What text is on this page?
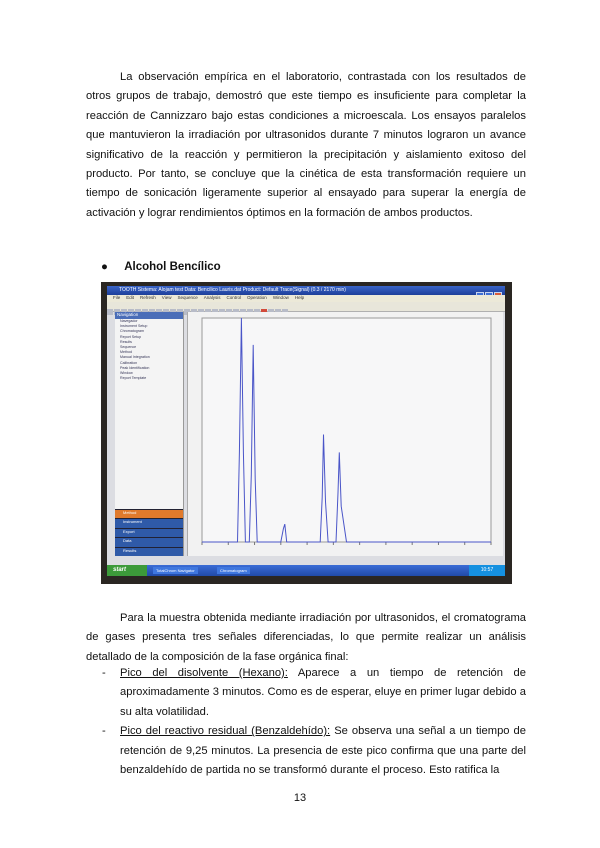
La observación empírica en el laboratorio, contrastada con los resultados de otros grupos de trabajo, demostró que este tiempo es insuficiente para completar la reacción de Cannizzaro bajo estas condiciones a microescala. Los ensayos paralelos que mantuvieron la irradiación por ultrasonidos durante 7 minutos lograron un avance significativo de la reacción y permitieron la precipitación y aislamiento exitoso del producto. Por tanto, se concluye que la cinética de esta transformación requiere un tiempo de sonicación ligeramente superior al ensayado para superar la energía de activación y lograr rendimientos óptimos en la formación de ambos productos.

● Alcohol Bencílico
TOOTH Sistema: Alojam test Data: Bencilico Lauris.dat Product: Default Trace(Signal) (0.3 / 2170 min)
File Edit Refresh View Sequence Analysis Control Operation Window Help
Navigation
Navegador
Instrument Setup
Chromatogram
Report Setup
Results
Sequence
Method
Manual Integration
Calibration
Peak Identification
Window
Report Template
Method
Instrument
Export
Data
Results
start	TotalChrom Navigator	Chromatogram	10:57

Para la muestra obtenida mediante irradiación por ultrasonidos, el cromatograma de gases presenta tres señales diferenciadas, lo que permite realizar un análisis detallado de la composición de la fase orgánica final:

- Pico del disolvente (Hexano): Aparece a un tiempo de retención de aproximadamente 3 minutos. Como es de esperar, eluye en primer lugar debido a su alta volatilidad.
- Pico del reactivo residual (Benzaldehído): Se observa una señal a un tiempo de retención de 9,25 minutos. La presencia de este pico confirma que una parte del benzaldehído de partida no se transformó durante el proceso. Esto ratifica la
13
